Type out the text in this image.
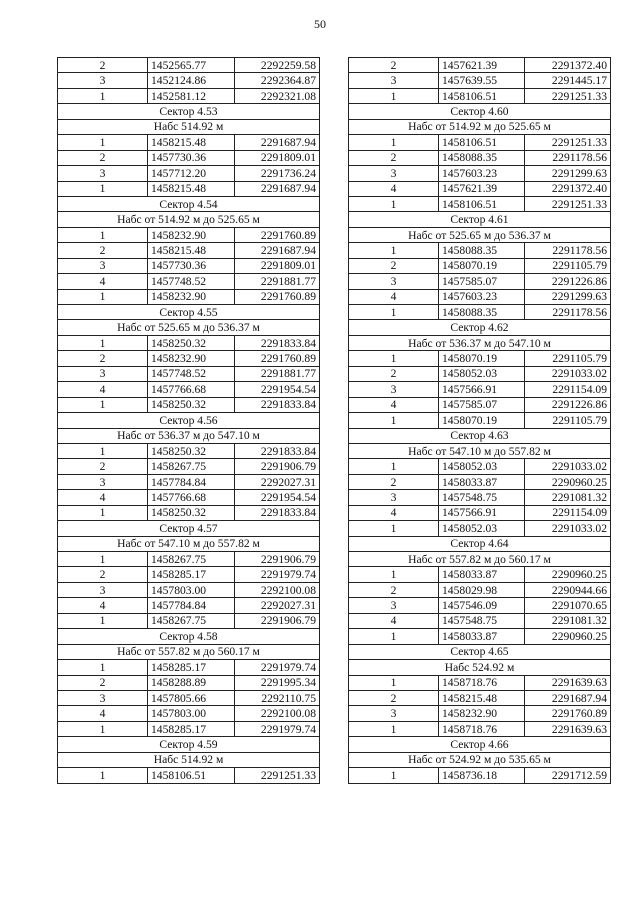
50
2	1452565.77	2292259.58
3	1452124.86	2292364.87
1	1452581.12	2292321.08
Сектор 4.53		
Набс 514.92 м		
1	1458215.48	2291687.94
2	1457730.36	2291809.01
3	1457712.20	2291736.24
1	1458215.48	2291687.94
Сектор 4.54		
Набс от 514.92 м до 525.65 м		
1	1458232.90	2291760.89
2	1458215.48	2291687.94
3	1457730.36	2291809.01
4	1457748.52	2291881.77
1	1458232.90	2291760.89
Сектор 4.55		
Набс от 525.65 м до 536.37 м		
1	1458250.32	2291833.84
2	1458232.90	2291760.89
3	1457748.52	2291881.77
4	1457766.68	2291954.54
1	1458250.32	2291833.84
Сектор 4.56		
Набс от 536.37 м до 547.10 м		
1	1458250.32	2291833.84
2	1458267.75	2291906.79
3	1457784.84	2292027.31
4	1457766.68	2291954.54
1	1458250.32	2291833.84
Сектор 4.57		
Набс от 547.10 м до 557.82 м		
1	1458267.75	2291906.79
2	1458285.17	2291979.74
3	1457803.00	2292100.08
4	1457784.84	2292027.31
1	1458267.75	2291906.79
Сектор 4.58		
Набс от 557.82 м до 560.17 м		
1	1458285.17	2291979.74
2	1458288.89	2291995.34
3	1457805.66	2292110.75
4	1457803.00	2292100.08
1	1458285.17	2291979.74
Сектор 4.59		
Набс 514.92 м		
1	1458106.51	2291251.33
2	1457621.39	2291372.40
3	1457639.55	2291445.17
1	1458106.51	2291251.33
Сектор 4.60		
Набс от 514.92 м до 525.65 м		
1	1458106.51	2291251.33
2	1458088.35	2291178.56
3	1457603.23	2291299.63
4	1457621.39	2291372.40
1	1458106.51	2291251.33
Сектор 4.61		
Набс от 525.65 м до 536.37 м		
1	1458088.35	2291178.56
2	1458070.19	2291105.79
3	1457585.07	2291226.86
4	1457603.23	2291299.63
1	1458088.35	2291178.56
Сектор 4.62		
Набс от 536.37 м до 547.10 м		
1	1458070.19	2291105.79
2	1458052.03	2291033.02
3	1457566.91	2291154.09
4	1457585.07	2291226.86
1	1458070.19	2291105.79
Сектор 4.63		
Набс от 547.10 м до 557.82 м		
1	1458052.03	2291033.02
2	1458033.87	2290960.25
3	1457548.75	2291081.32
4	1457566.91	2291154.09
1	1458052.03	2291033.02
Сектор 4.64		
Набс от 557.82 м до 560.17 м		
1	1458033.87	2290960.25
2	1458029.98	2290944.66
3	1457546.09	2291070.65
4	1457548.75	2291081.32
1	1458033.87	2290960.25
Сектор 4.65		
Набс 524.92 м		
1	1458718.76	2291639.63
2	1458215.48	2291687.94
3	1458232.90	2291760.89
1	1458718.76	2291639.63
Сектор 4.66		
Набс от 524.92 м до 535.65 м		
1	1458736.18	2291712.59
